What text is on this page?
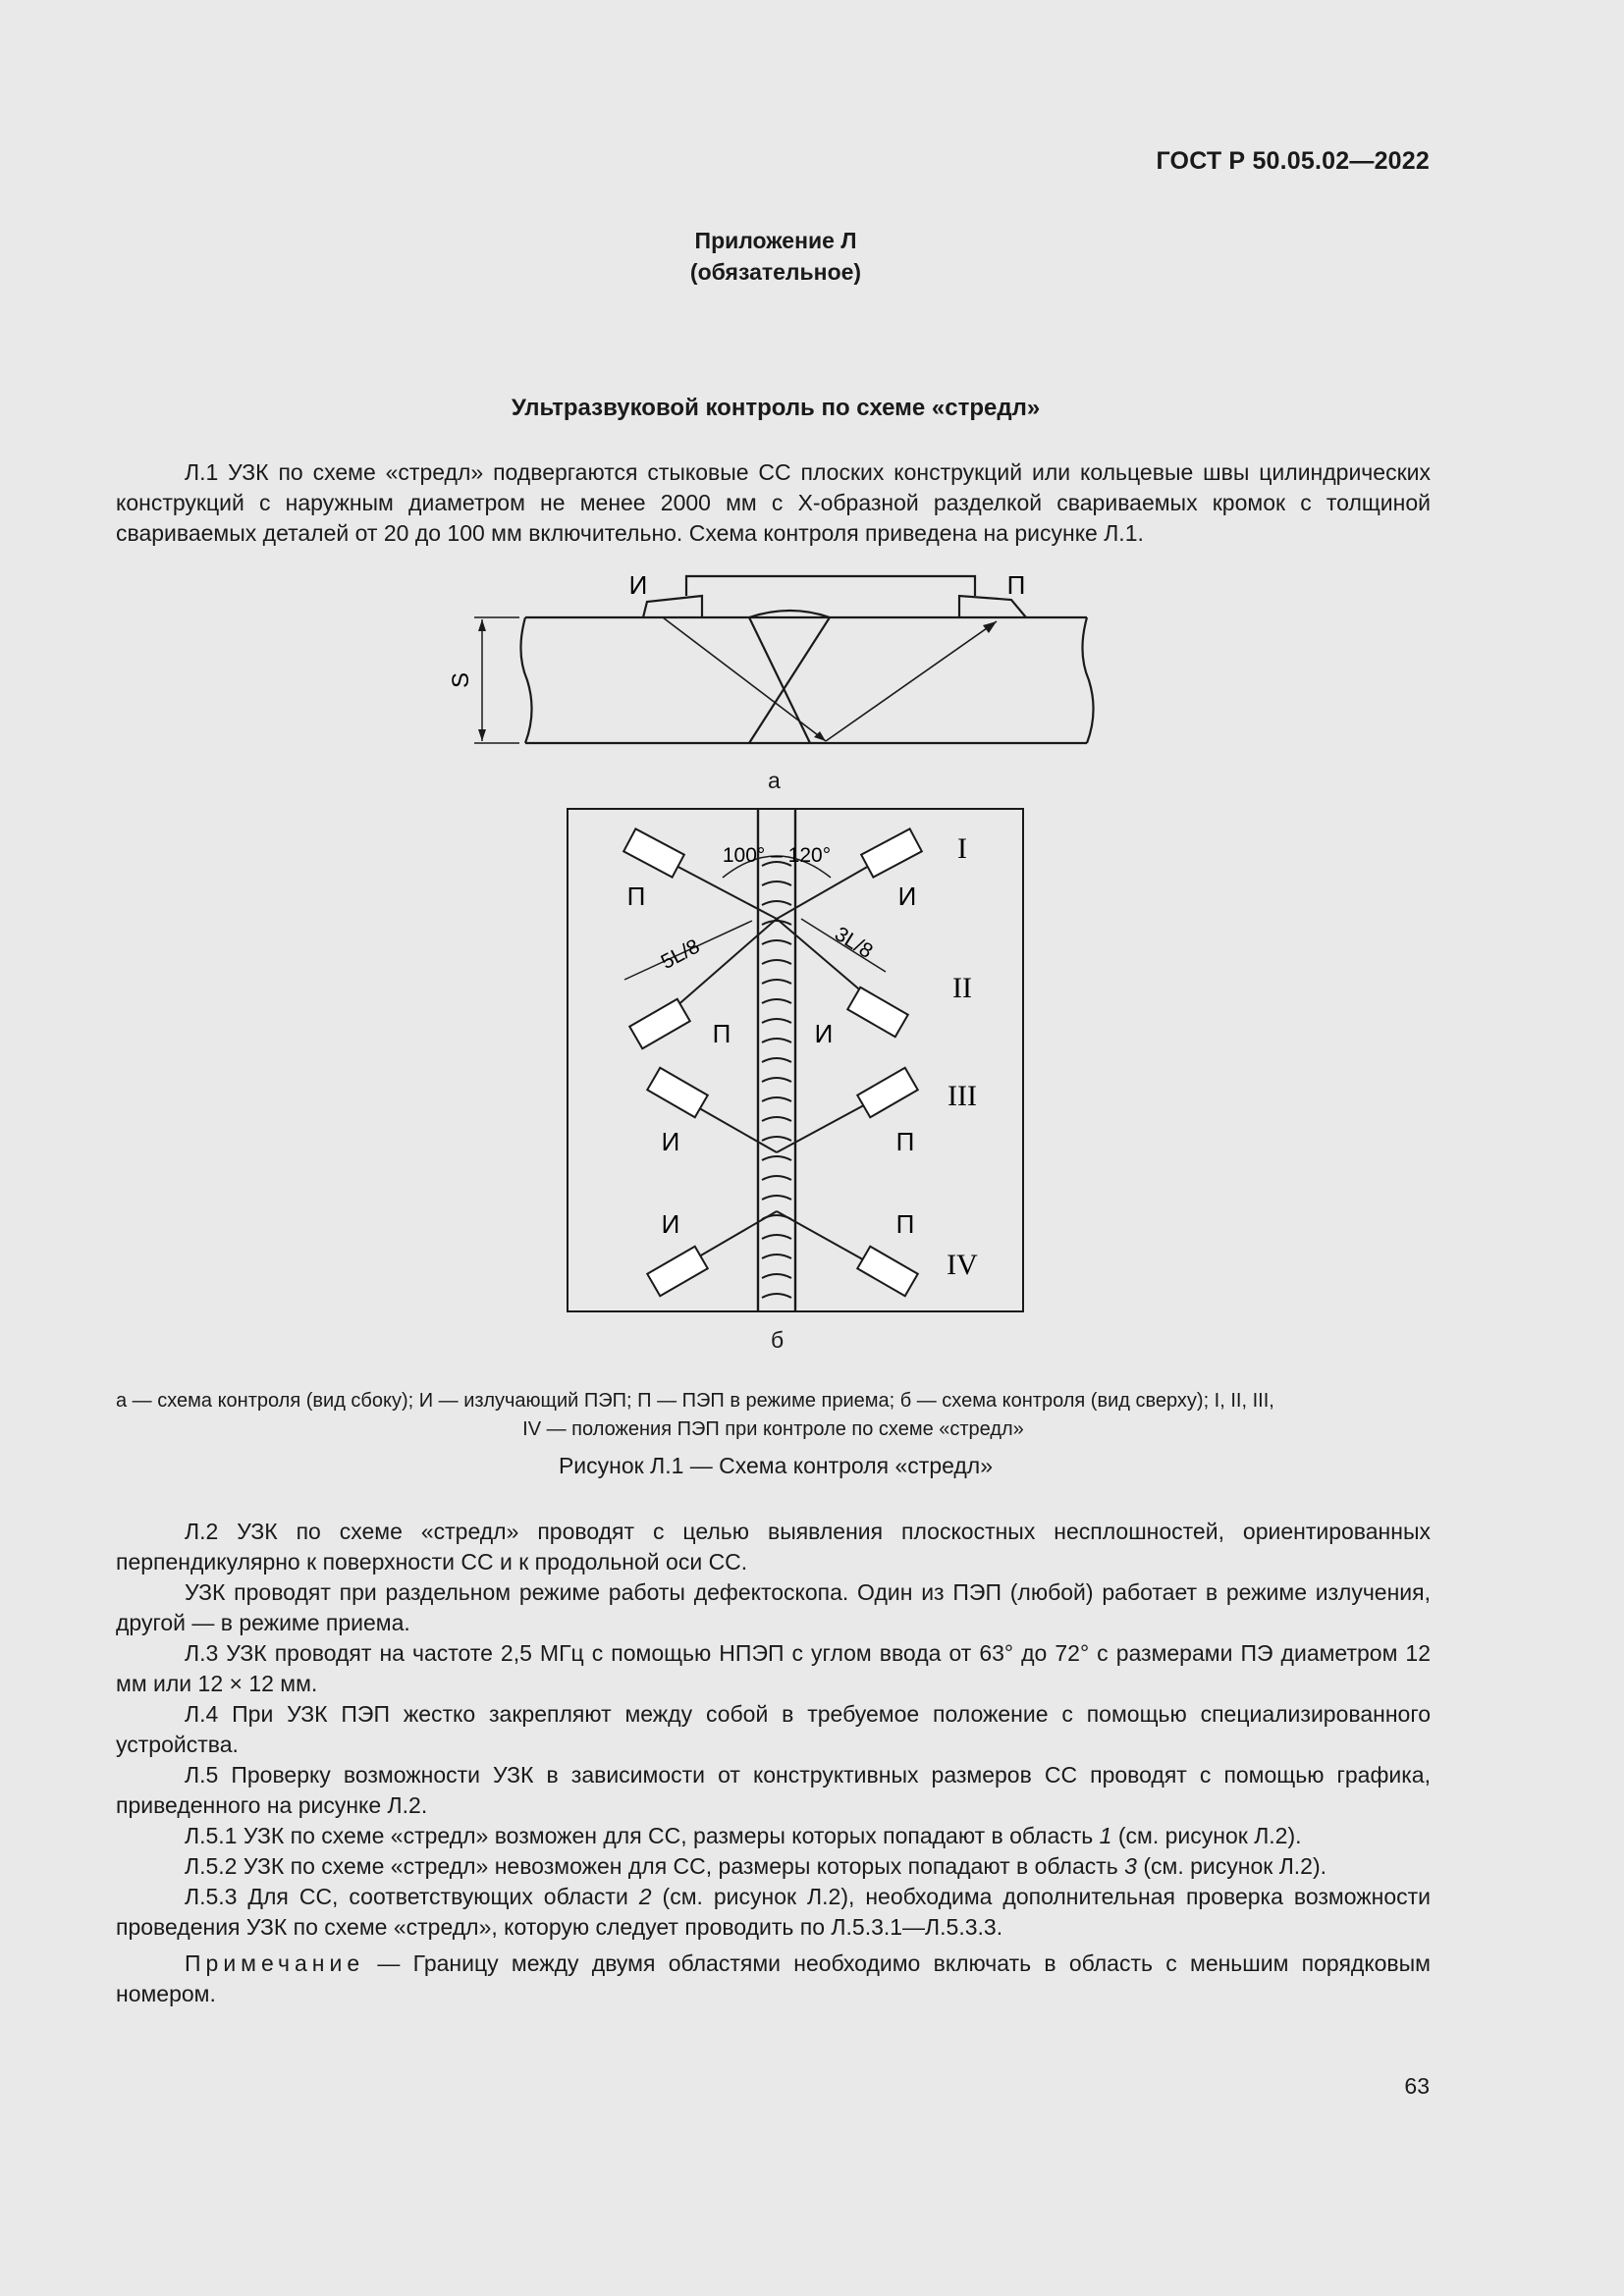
ГОСТ Р 50.05.02—2022
Приложение Л
(обязательное)
Ультразвуковой контроль по схеме «стредл»

Л.1 УЗК по схеме «стредл» подвергаются стыковые СС плоских конструкций или кольцевые швы цилиндрических конструкций с наружным диаметром не менее 2000 мм с Х-образной разделкой свариваемых кромок с толщиной свариваемых деталей от 20 до 100 мм включительно. Схема контроля приведена на рисунке Л.1.

И	П
S
а
100° – 120°
5L/8	3L/8
П	И
П	И
И	П
И	П
I
II
III
IV
б
а — схема контроля (вид сбоку); И — излучающий ПЭП; П — ПЭП в режиме приема; б — схема контроля (вид сверху); I, II, III,
IV — положения ПЭП при контроле по схеме «стредл»
Рисунок Л.1 — Схема контроля «стредл»

Л.2 УЗК по схеме «стредл» проводят с целью выявления плоскостных несплошностей, ориентированных перпендикулярно к поверхности СС и к продольной оси СС.

УЗК проводят при раздельном режиме работы дефектоскопа. Один из ПЭП (любой) работает в режиме излучения, другой — в режиме приема.

Л.3 УЗК проводят на частоте 2,5 МГц с помощью НПЭП с углом ввода от 63° до 72° с размерами ПЭ диаметром 12 мм или 12 × 12 мм.

Л.4 При УЗК ПЭП жестко закрепляют между собой в требуемое положение с помощью специализированного устройства.

Л.5 Проверку возможности УЗК в зависимости от конструктивных размеров СС проводят с помощью графика, приведенного на рисунке Л.2.

Л.5.1 УЗК по схеме «стредл» возможен для СС, размеры которых попадают в область 1 (см. рисунок Л.2).

Л.5.2 УЗК по схеме «стредл» невозможен для СС, размеры которых попадают в область 3 (см. рисунок Л.2).

Л.5.3 Для СС, соответствующих области 2 (см. рисунок Л.2), необходима дополнительная проверка возможности проведения УЗК по схеме «стредл», которую следует проводить по Л.5.3.1—Л.5.3.3.

Примечание — Границу между двумя областями необходимо включать в область с меньшим порядковым номером.

63
